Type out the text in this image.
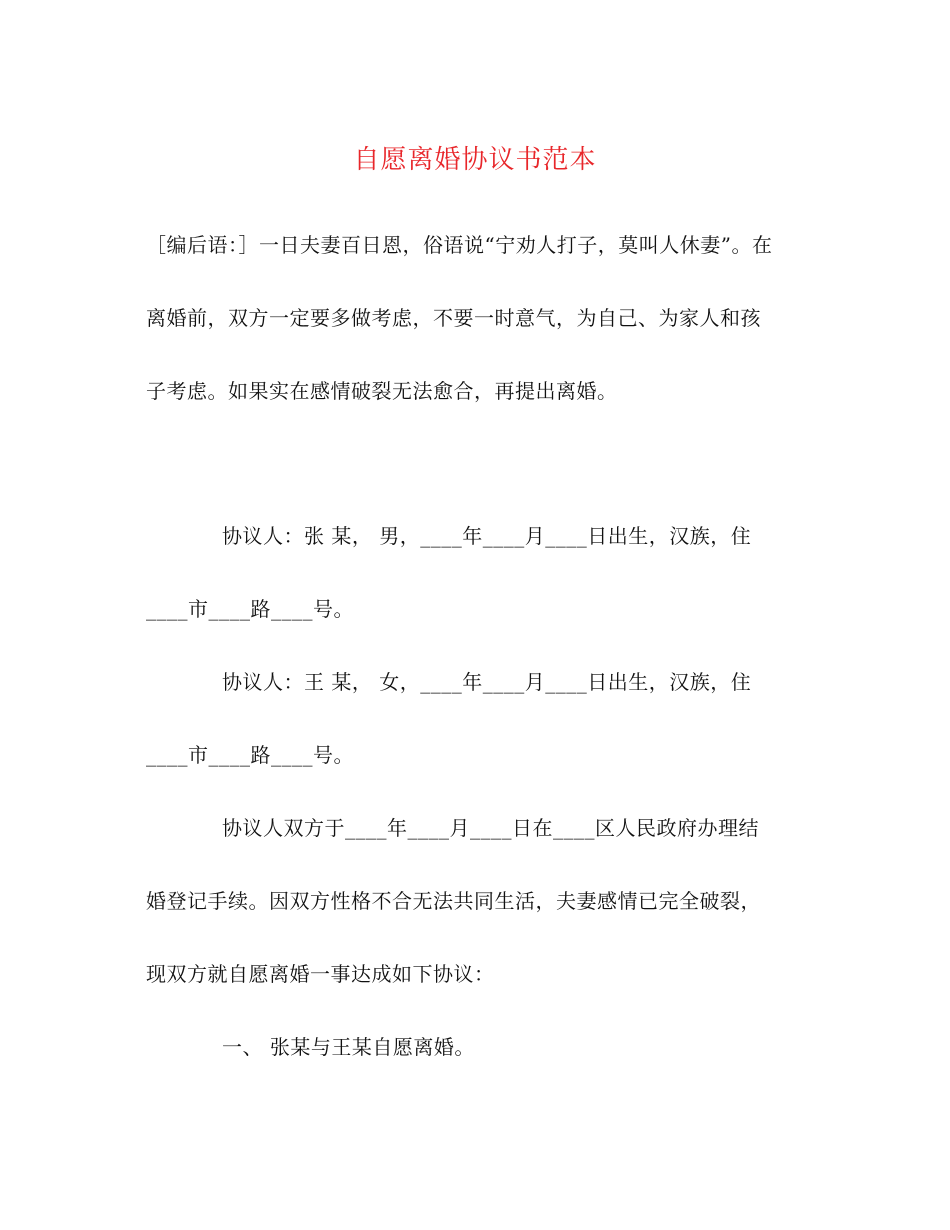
自愿离婚协议书范本
［编后语：］一日夫妻百日恩，俗语说“宁劝人打子，莫叫人休妻”。在
离婚前，双方一定要多做考虑，不要一时意气，为自己、为家人和孩
子考虑。如果实在感情破裂无法愈合，再提出离婚。
协议人：张 某， 男，____年____月____日出生，汉族，住
____市____路____号。
协议人：王 某， 女，____年____月____日出生，汉族，住
____市____路____号。
协议人双方于____年____月____日在____区人民政府办理结
婚登记手续。因双方性格不合无法共同生活，夫妻感情已完全破裂，
现双方就自愿离婚一事达成如下协议：
一、 张某与王某自愿离婚。
